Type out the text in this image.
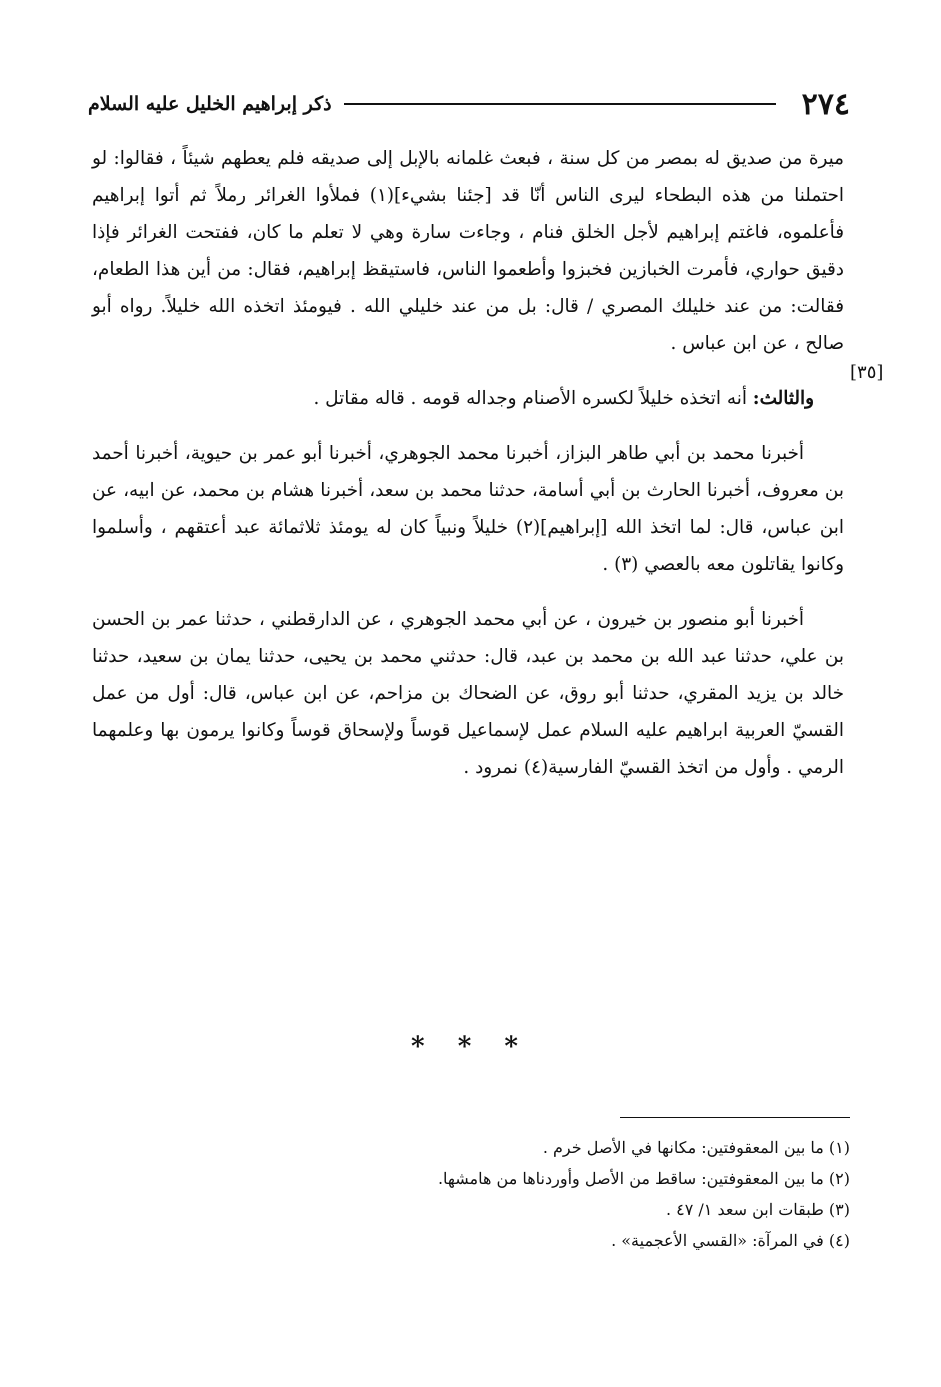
٢٧٤
ذكر إبراهيم الخليل عليه السلام
[٣٥]

ميرة من صديق له بمصر من كل سنة ، فبعث غلمانه بالإبل إلى صديقه فلم يعطهم شيئاً ، فقالوا: لو احتملنا من هذه البطحاء ليرى الناس أنّا قد [جئنا بشيء](١) فملأوا الغرائر رملاً ثم أتوا إبراهيم فأعلموه، فاغتم إبراهيم لأجل الخلق فنام ، وجاءت سارة وهي لا تعلم ما كان، ففتحت الغرائر فإذا دقيق حواري، فأمرت الخبازين فخبزوا وأطعموا الناس، فاستيقظ إبراهيم، فقال: من أين هذا الطعام، فقالت: من عند خليلك المصري / قال: بل من عند خليلي الله . فيومئذ اتخذه الله خليلاً. رواه أبو صالح ، عن ابن عباس .

والثالث: أنه اتخذه خليلاً لكسره الأصنام وجداله قومه . قاله مقاتل .

أخبرنا محمد بن أبي طاهر البزاز، أخبرنا محمد الجوهري، أخبرنا أبو عمر بن حيوية، أخبرنا أحمد بن معروف، أخبرنا الحارث بن أبي أسامة، حدثنا محمد بن سعد، أخبرنا هشام بن محمد، عن ابيه، عن ابن عباس، قال: لما اتخذ الله [إبراهيم](٢) خليلاً ونبياً كان له يومئذ ثلاثمائة عبد أعتقهم ، وأسلموا وكانوا يقاتلون معه بالعصي (٣) .

أخبرنا أبو منصور بن خيرون ، عن أبي محمد الجوهري ، عن الدارقطني ، حدثنا عمر بن الحسن بن علي، حدثنا عبد الله بن محمد بن عبد، قال: حدثني محمد بن يحيى، حدثنا يمان بن سعيد، حدثنا خالد بن يزيد المقري، حدثنا أبو روق، عن الضحاك بن مزاحم، عن ابن عباس، قال: أول من عمل القسيّ العربية ابراهيم عليه السلام عمل لإسماعيل قوساً ولإسحاق قوساً وكانوا يرمون بها وعلمهما الرمي . وأول من اتخذ القسيّ الفارسية(٤) نمرود .

* * *
(١) ما بين المعقوفتين: مكانها في الأصل خرم .
(٢) ما بين المعقوفتين: ساقط من الأصل وأوردناها من هامشها.
(٣) طبقات ابن سعد ١/ ٤٧ .
(٤) في المرآة: «القسي الأعجمية» .
